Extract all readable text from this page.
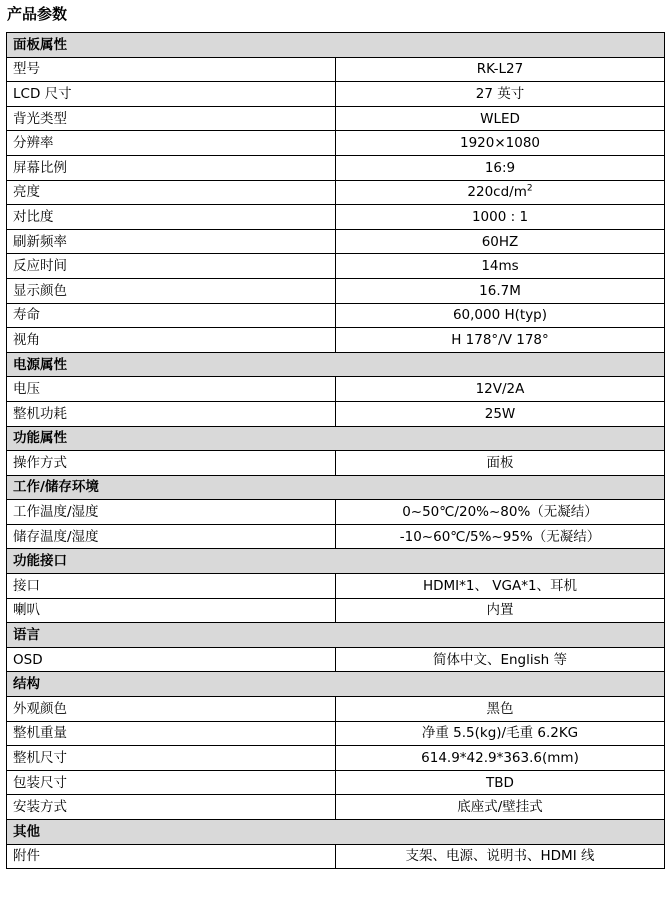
产品参数
面板属性	
型号	RK-L27
LCD 尺寸	27 英寸
背光类型	WLED
分辨率	1920×1080
屏幕比例	16:9
亮度	$220cd/m^2$
对比度	1000 : 1
刷新频率	60HZ
反应时间	14ms
显示颜色	16.7M
寿命	60,000 H(typ)
视角	H 178°/V 178°
电源属性	
电压	12V/2A
整机功耗	25W
功能属性	
操作方式	面板
工作/储存环境	
工作温度/湿度	0~50℃/20%~80%（无凝结）
储存温度/湿度	-10~60℃/5%~95%（无凝结）
功能接口	
接口	HDMI*1、 VGA*1、耳机
喇叭	内置
语言	
OSD	简体中文、English 等
结构	
外观颜色	黑色
整机重量	净重 5.5(kg)/毛重 6.2KG
整机尺寸	614.9*42.9*363.6(mm)
包装尺寸	TBD
安装方式	底座式/壁挂式
其他	
附件	支架、电源、说明书、HDMI 线
